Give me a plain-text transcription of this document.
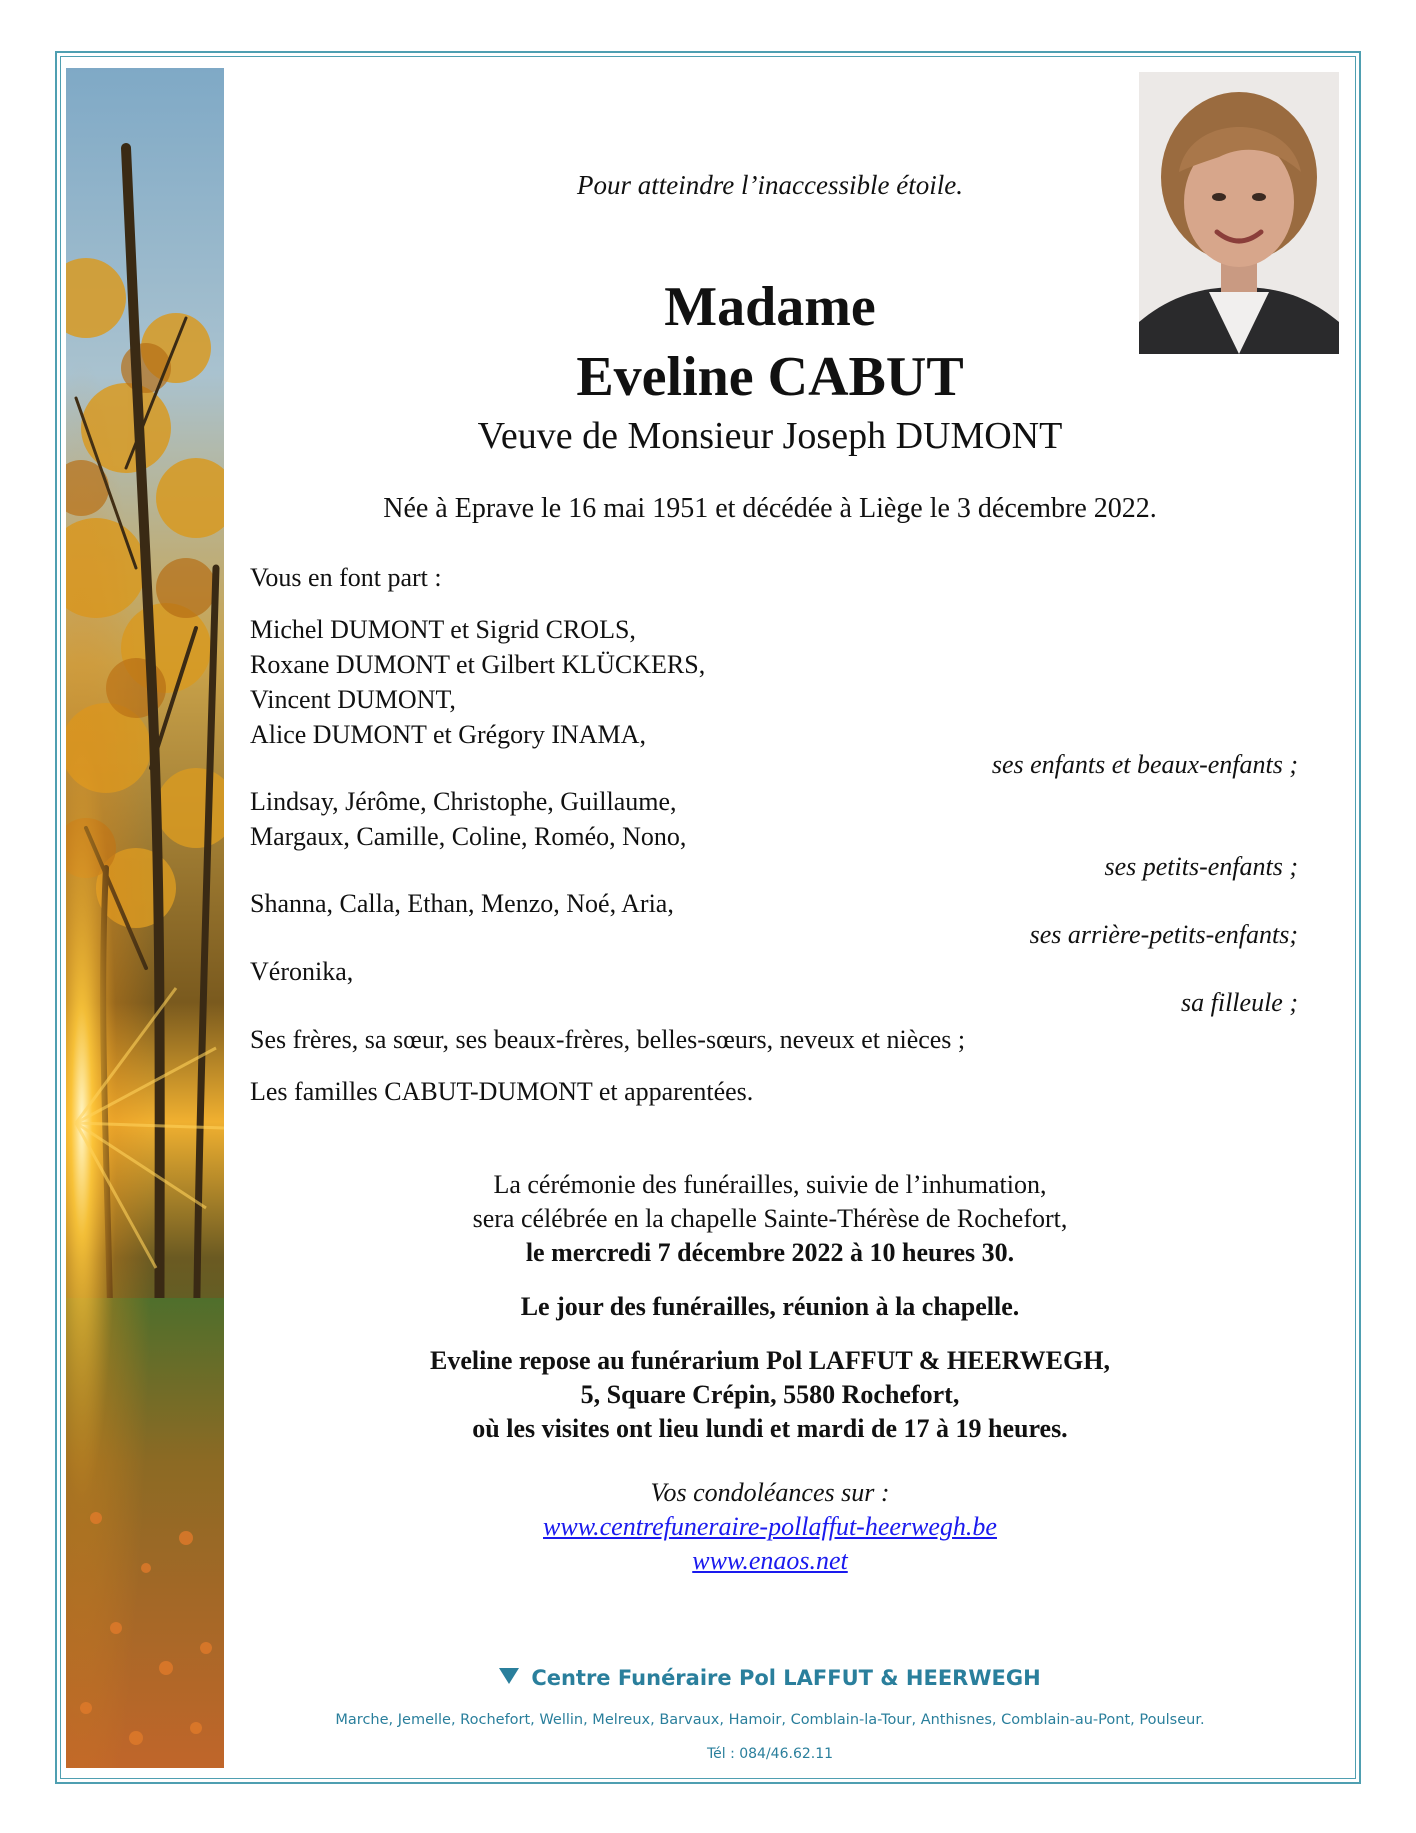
Pour atteindre l’inaccessible étoile.
Madame
Eveline CABUT
Veuve de Monsieur Joseph DUMONT
Née à Eprave le 16 mai 1951 et décédée à Liège le 3 décembre 2022.
Vous en font part :
Michel DUMONT et Sigrid CROLS,
Roxane DUMONT et Gilbert KLÜCKERS,
Vincent DUMONT,
Alice DUMONT et Grégory INAMA,
ses enfants et beaux-enfants ;
Lindsay, Jérôme, Christophe, Guillaume,
Margaux, Camille, Coline, Roméo, Nono,
ses petits-enfants ;
Shanna, Calla, Ethan, Menzo, Noé, Aria,
ses arrière-petits-enfants;
Véronika,
sa filleule ;
Ses frères, sa sœur, ses beaux-frères, belles-sœurs, neveux et nièces ;
Les familles CABUT-DUMONT et apparentées.
La cérémonie des funérailles, suivie de l’inhumation,
sera célébrée en la chapelle Sainte-Thérèse de Rochefort,
le mercredi 7 décembre 2022 à 10 heures 30.
Le jour des funérailles, réunion à la chapelle.
Eveline repose au funérarium Pol LAFFUT & HEERWEGH,
5, Square Crépin, 5580 Rochefort,
où les visites ont lieu lundi et mardi de 17 à 19 heures.
Vos condoléances sur :
www.centrefuneraire-pollaffut-heerwegh.be
www.enaos.net
Centre Funéraire Pol LAFFUT & HEERWEGH
Marche, Jemelle, Rochefort, Wellin, Melreux, Barvaux, Hamoir, Comblain-la-Tour, Anthisnes, Comblain-au-Pont, Poulseur.
Tél : 084/46.62.11
